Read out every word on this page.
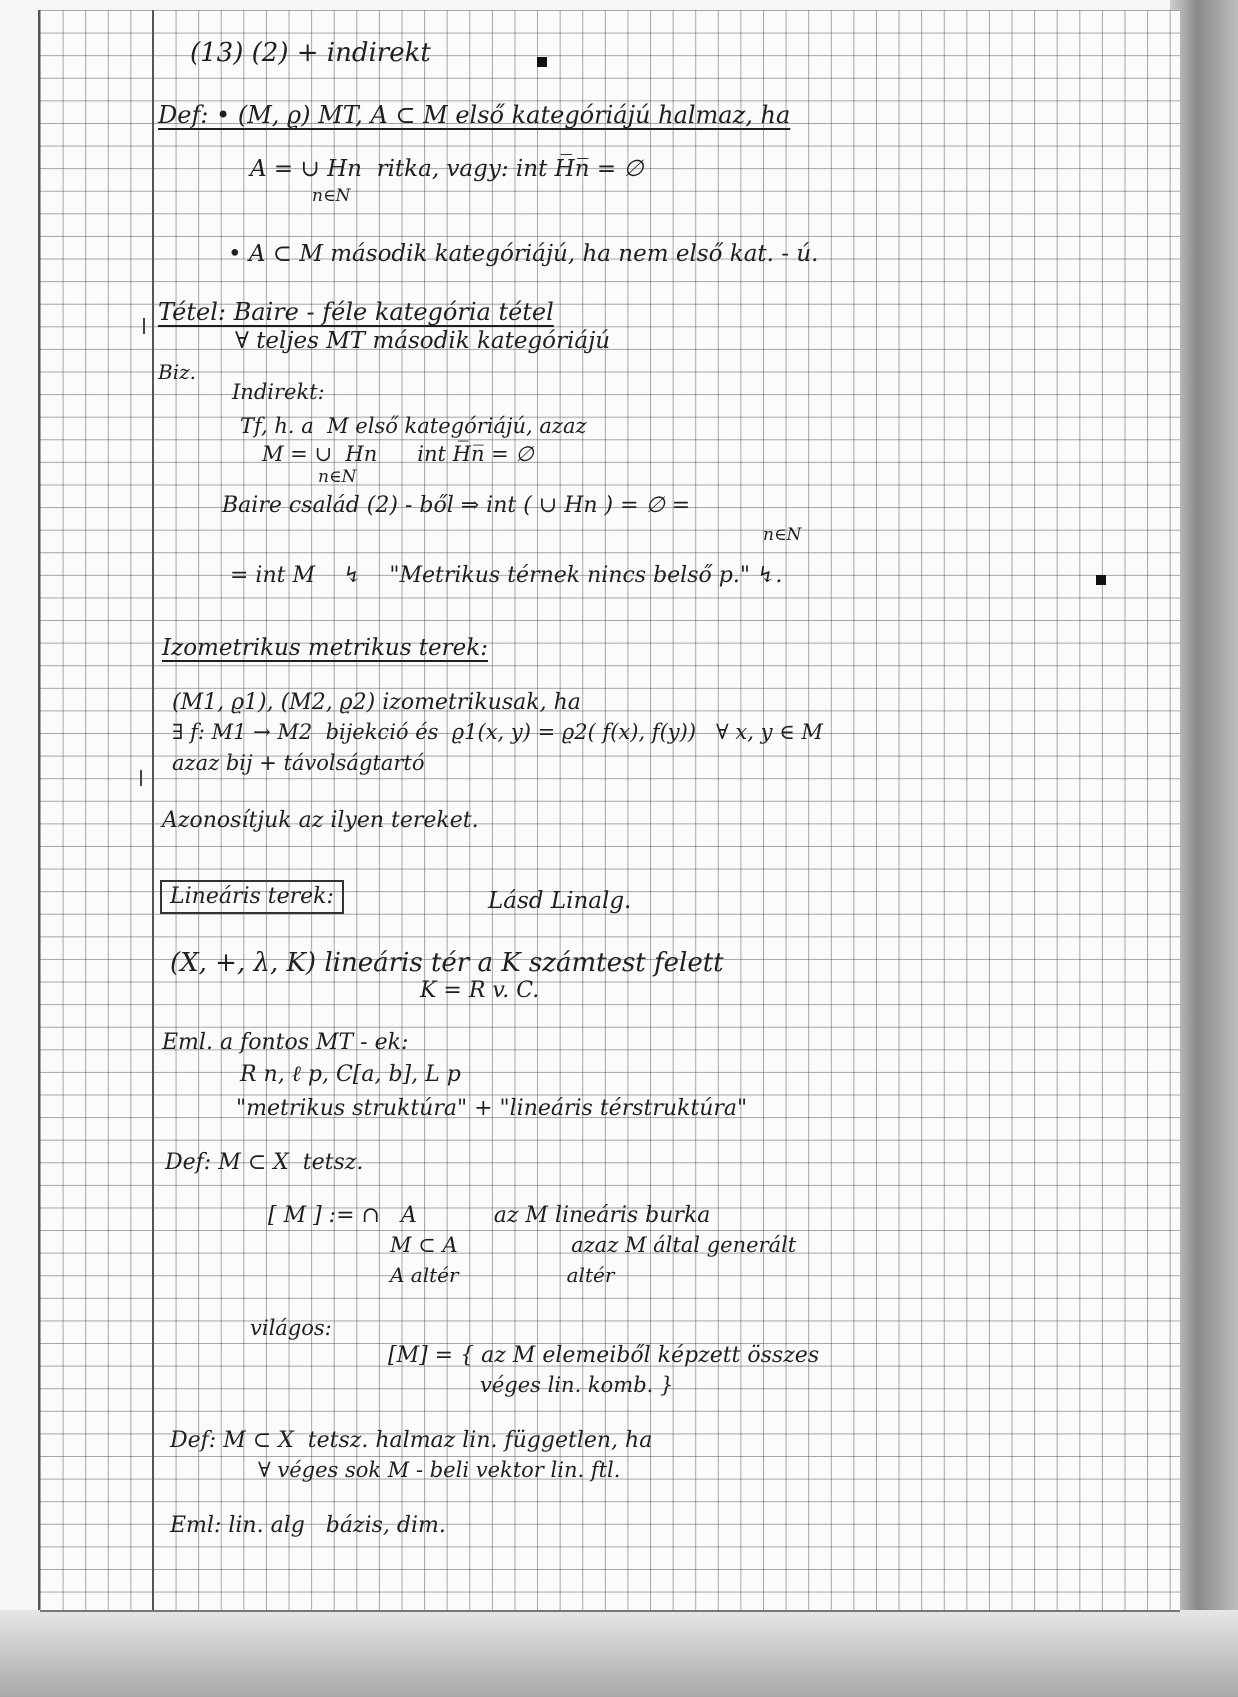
(13) (2) + indirekt

Def: • (M, ϱ) MT, A ⊂ M első kategóriájú halmaz, ha

A = ∪ Hn  ritka, vagy: int H̅n̅ = ∅

n∈N

• A ⊂ M második kategóriájú, ha nem első kat. - ú.

Tétel: Baire - féle kategória tétel

∀ teljes MT második kategóriájú

Biz.

Indirekt:

Tf, h. a  M első kategóriájú, azaz

M = ∪  Hn      int H̅n̅ = ∅

n∈N

Baire család (2) - ből ⇒ int ( ∪ Hn ) = ∅ =

n∈N

= int M    ↯    "Metrikus térnek nincs belső p." ↯.

Izometrikus metrikus terek:

(M1, ϱ1), (M2, ϱ2) izometrikusak, ha

∃ f: M1 → M2  bijekció és  ϱ1(x, y) = ϱ2( f(x), f(y))   ∀ x, y ∈ M

azaz bij + távolságtartó

Azonosítjuk az ilyen tereket.

Lineáris terek:	Lásd Linalg.

(X, +, λ, K) lineáris tér a K számtest felett

K = R v. C.

Eml. a fontos MT - ek:

R n, ℓ p, C[a, b], L p

"metrikus struktúra" + "lineáris térstruktúra"

Def: M ⊂ X  tetsz.

[ M ] := ∩   A           az M lineáris burka

M ⊂ A                 azaz M által generált

A altér                 altér

világos:

[M] = { az M elemeiből képzett összes

véges lin. komb. }

Def: M ⊂ X  tetsz. halmaz lin. független, ha

∀ véges sok M - beli vektor lin. ftl.

Eml: lin. alg   bázis, dim.
